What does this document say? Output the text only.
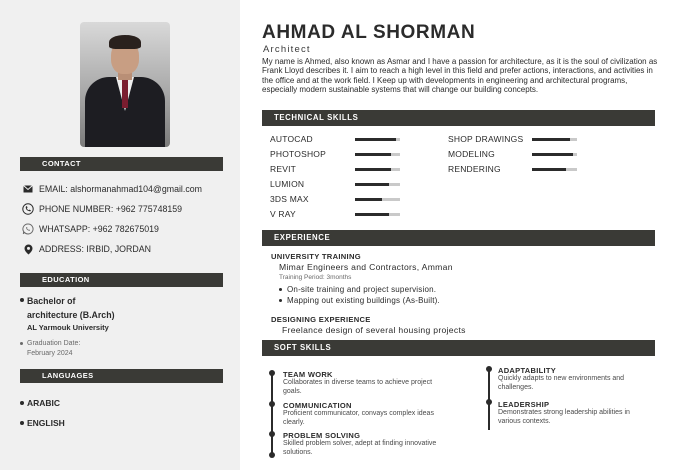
CONTACT
EMAIL: alshormanahmad104@gmail.com
PHONE NUMBER: +962 775748159
WHATSAPP: +962 782675019
ADDRESS: IRBID, JORDAN
EDUCATION
Bachelor of
architecture (B.Arch)
AL Yarmouk University
Graduation Date:
February 2024
LANGUAGES
ARABIC
ENGLISH
AHMAD AL SHORMAN
Architect
My name is Ahmed, also known as Asmar and I have a passion for architecture, as it is the soul of civilization as Frank Lloyd describes it. I aim to reach a high level in this field and prefer actions, interactions, and activities in the office and at the work field. I Keep up with developments in engineering and architectural programs, especially modern sustainable systems that will change our building concepts.
TECHNICAL SKILLS
AUTOCAD
PHOTOSHOP
REVIT
LUMION
3DS MAX
V RAY
SHOP DRAWINGS
MODELING
RENDERING
EXPERIENCE
UNIVERSITY TRAINING
Mimar Engineers and Contractors, Amman
Training Period: 3months
On-site training and project supervision.
Mapping out existing buildings (As-Built).
DESIGNING EXPERIENCE
Freelance design of several housing projects
SOFT SKILLS
TEAM WORK
Collaborates in diverse teams to achieve project
goals.
COMMUNICATION
Proficient communicator, convays complex ideas
clearly.
PROBLEM SOLVING
Skilled problem solver, adept at finding innovative
solutions.
ADAPTABILITY
Quickly adapts to new environments and
challenges.
LEADERSHIP
Demonstrates strong leadership abilities in
various contexts.
